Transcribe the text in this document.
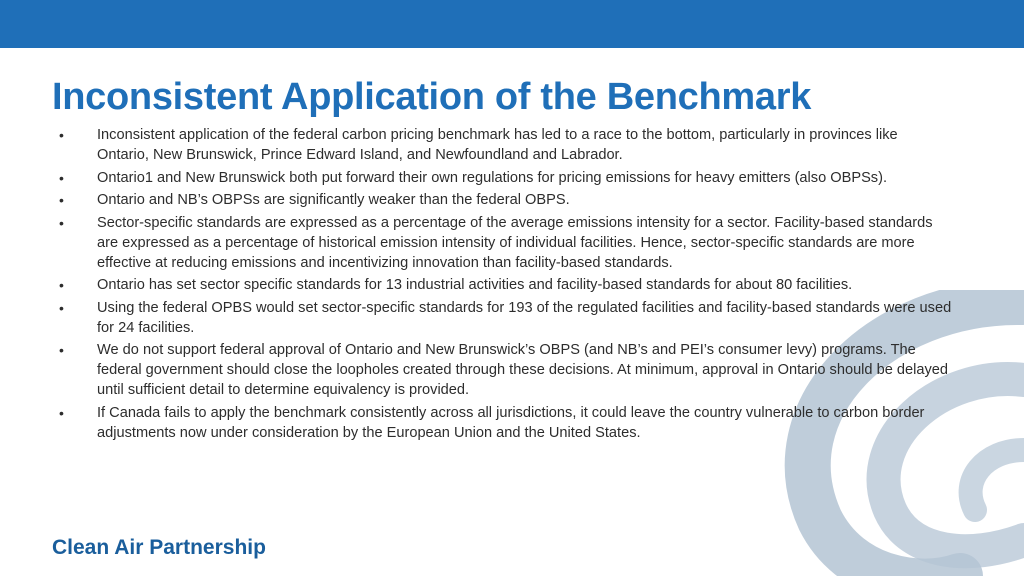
Inconsistent Application of the Benchmark
• Inconsistent application of the federal carbon pricing benchmark has led to a race to the bottom, particularly in provinces like Ontario, New Brunswick, Prince Edward Island, and Newfoundland and Labrador.
• Ontario1 and New Brunswick both put forward their own regulations for pricing emissions for heavy emitters (also OBPSs).
• Ontario and NB’s OBPSs are significantly weaker than the federal OBPS.
• Sector-specific standards are expressed as a percentage of the average emissions intensity for a sector. Facility-based standards are expressed as a percentage of historical emission intensity of individual facilities. Hence, sector-specific standards are more effective at reducing emissions and incentivizing innovation than facility-based standards.
• Ontario has set sector specific standards for 13 industrial activities and facility-based standards for about 80 facilities.
• Using the federal OPBS would set sector-specific standards for 193 of the regulated facilities and facility-based standards were used for 24 facilities.
• We do not support federal approval of Ontario and New Brunswick’s OBPS (and NB’s and PEI’s consumer levy) programs. The federal government should close the loopholes created through these decisions. At minimum, approval in Ontario should be delayed until sufficient detail to determine equivalency is provided.
• If Canada fails to apply the benchmark consistently across all jurisdictions, it could leave the country vulnerable to carbon border adjustments now under consideration by the European Union and the United States.
Clean Air Partnership
